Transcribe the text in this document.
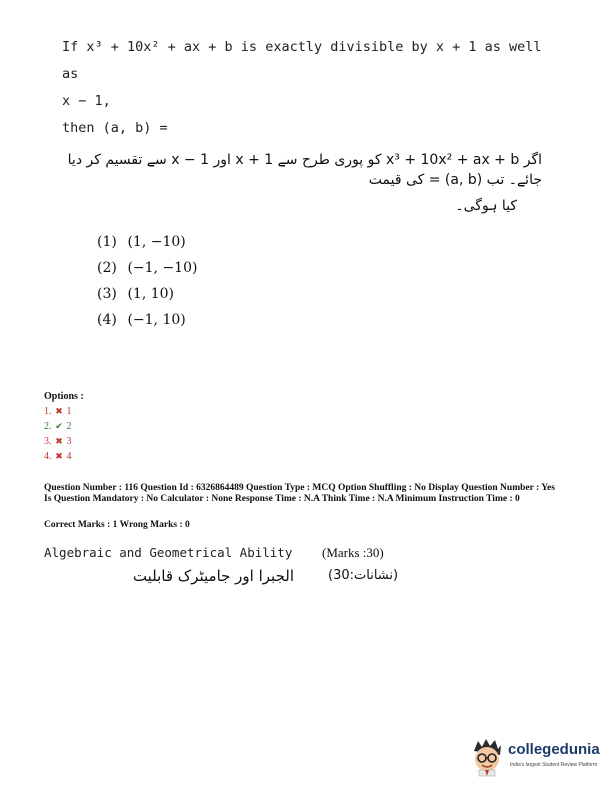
If x³ + 10x² + ax + b is exactly divisible by x + 1 as well as
x − 1,
then (a, b) =
اگر x³ + 10x² + ax + b کو پوری طرح سے x + 1 اور x − 1 سے تقسیم کر دیا جائے۔ تب (a, b) = کی قیمت
کیا ہوگی۔
(1) (1, −10)
(2) (−1, −10)
(3) (1, 10)
(4) (−1, 10)
Options :
1. ✖ 1
2. ✔ 2
3. ✖ 3
4. ✖ 4
Question Number : 116 Question Id : 6326864489 Question Type : MCQ Option Shuffling : No Display Question Number : Yes Is Question Mandatory : No Calculator : None Response Time : N.A Think Time : N.A Minimum Instruction Time : 0
Correct Marks : 1 Wrong Marks : 0
Algebraic and Geometrical Ability	(Marks :30)
الجبرا اور جامیٹرک قابلیت	(نشانات:30)
collegedunia
India's largest Student Review Platform
